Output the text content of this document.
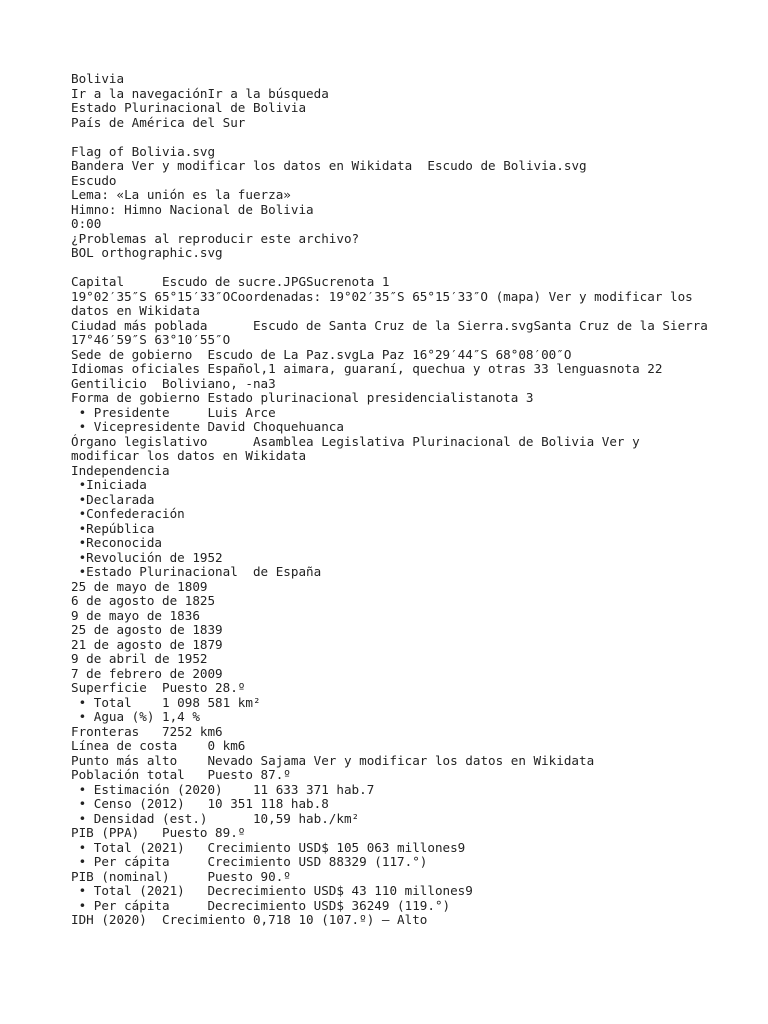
Bolivia
Ir a la navegaciónIr a la búsqueda
Estado Plurinacional de Bolivia
País de América del Sur
Flag of Bolivia.svg
Bandera Ver y modificar los datos en Wikidata Escudo de Bolivia.svg
Escudo
Lema: «La unión es la fuerza»
Himno: Himno Nacional de Bolivia
0:00
¿Problemas al reproducir este archivo?
BOL orthographic.svg
Capital     Escudo de sucre.JPGSucrenota 1
19°02′35″S 65°15′33″OCoordenadas: 19°02′35″S 65°15′33″O (mapa) Ver y modificar los datos en Wikidata
Ciudad más poblada      Escudo de Santa Cruz de la Sierra.svgSanta Cruz de la Sierra 17°46′59″S 63°10′55″O
Sede de gobierno  Escudo de La Paz.svgLa Paz 16°29′44″S 68°08′00″O
Idiomas oficiales Español,1 aimara, guaraní, quechua y otras 33 lenguasnota 22
Gentilicio  Boliviano, -na3
Forma de gobierno Estado plurinacional presidencialistanota 3
• Presidente     Luis Arce
• Vicepresidente David Choquehuanca
Órgano legislativo      Asamblea Legislativa Plurinacional de Bolivia Ver y modificar los datos en Wikidata
Independencia
•Iniciada
•Declarada
•Confederación
•República
•Reconocida
•Revolución de 1952
•Estado Plurinacional  de España
25 de mayo de 1809
6 de agosto de 1825
9 de mayo de 1836
25 de agosto de 1839
21 de agosto de 1879
9 de abril de 1952
7 de febrero de 2009
Superficie  Puesto 28.º
• Total    1 098 581 km²
• Agua (%) 1,4 %
Fronteras   7252 km6
Línea de costa    0 km6
Punto más alto    Nevado Sajama Ver y modificar los datos en Wikidata
Población total   Puesto 87.º
• Estimación (2020)    11 633 371 hab.7
• Censo (2012)   10 351 118 hab.8
• Densidad (est.)      10,59 hab./km²
PIB (PPA)   Puesto 89.º
• Total (2021)   Crecimiento USD$ 105 063 millones9
• Per cápita     Crecimiento USD 88329 (117.°)
PIB (nominal)     Puesto 90.º
• Total (2021)   Decrecimiento USD$ 43 110 millones9
• Per cápita     Decrecimiento USD$ 36249 (119.°)
IDH (2020)  Crecimiento 0,718 10 (107.º) – Alto
